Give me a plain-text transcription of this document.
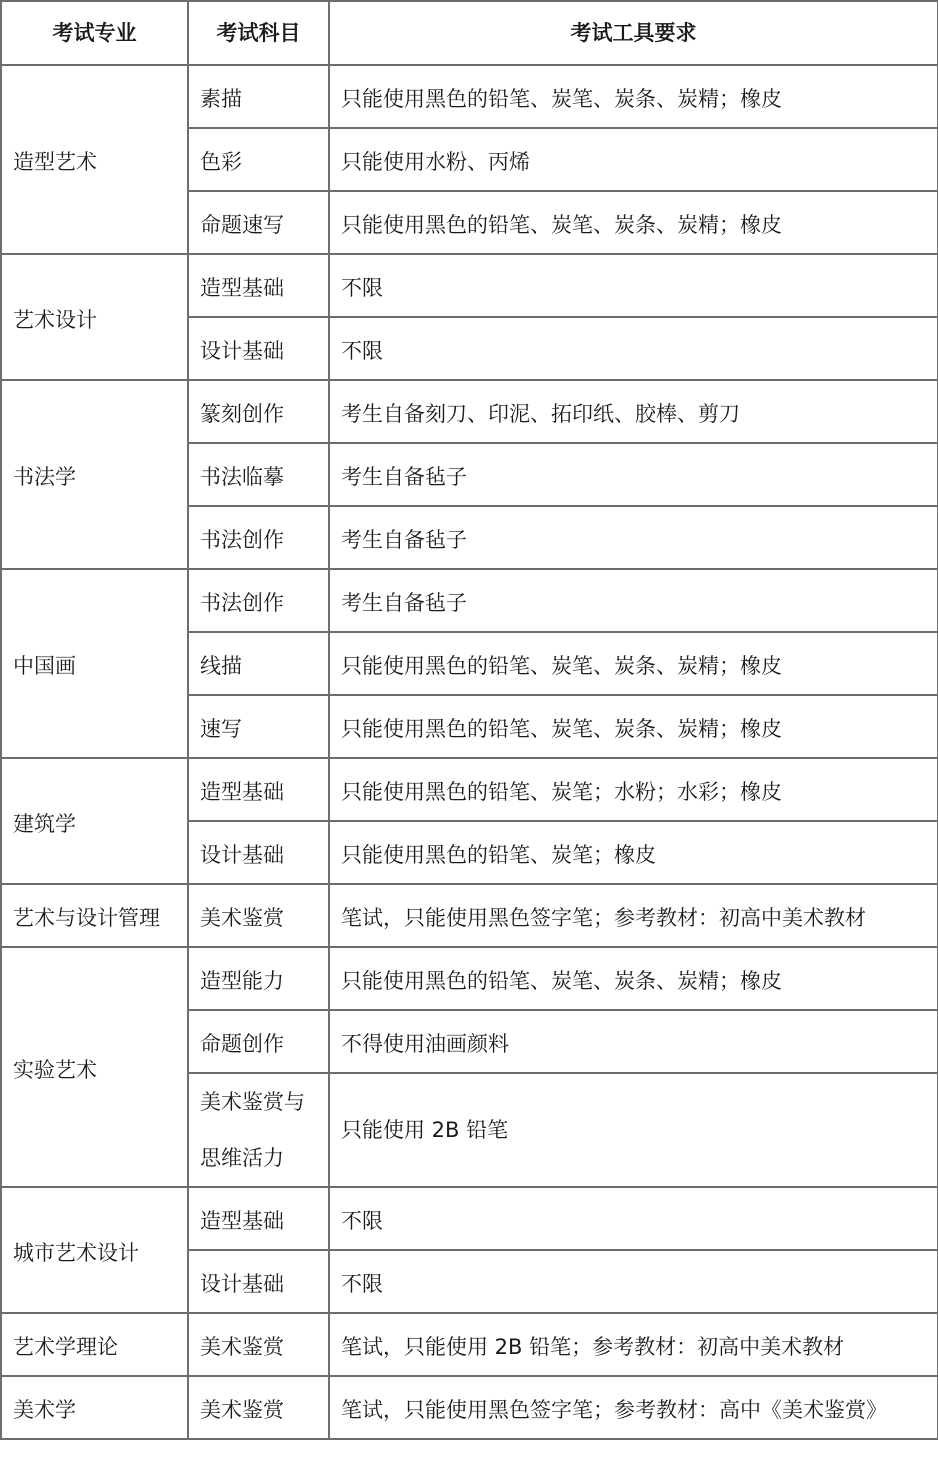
考试专业	考试科目	考试工具要求
造型艺术	素描	只能使用黑色的铅笔、炭笔、炭条、炭精；橡皮
	色彩	只能使用水粉、丙烯
	命题速写	只能使用黑色的铅笔、炭笔、炭条、炭精；橡皮
艺术设计	造型基础	不限
	设计基础	不限
书法学	篆刻创作	考生自备刻刀、印泥、拓印纸、胶棒、剪刀
	书法临摹	考生自备毡子
	书法创作	考生自备毡子
中国画	书法创作	考生自备毡子
	线描	只能使用黑色的铅笔、炭笔、炭条、炭精；橡皮
	速写	只能使用黑色的铅笔、炭笔、炭条、炭精；橡皮
建筑学	造型基础	只能使用黑色的铅笔、炭笔；水粉；水彩；橡皮
	设计基础	只能使用黑色的铅笔、炭笔；橡皮
艺术与设计管理	美术鉴赏	笔试，只能使用黑色签字笔；参考教材：初高中美术教材
实验艺术	造型能力	只能使用黑色的铅笔、炭笔、炭条、炭精；橡皮
	命题创作	不得使用油画颜料
	美术鉴赏与思维活力	只能使用 2B 铅笔
城市艺术设计	造型基础	不限
	设计基础	不限
艺术学理论	美术鉴赏	笔试，只能使用 2B 铅笔；参考教材：初高中美术教材
美术学	美术鉴赏	笔试，只能使用黑色签字笔；参考教材：高中《美术鉴赏》
